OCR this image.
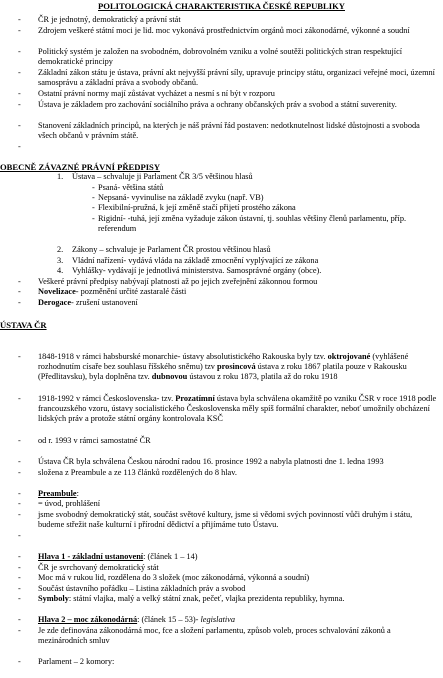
POLITOLOGICKÁ CHARAKTERISTIKA ČESKÉ REPUBLIKY
- ČR je jednotný, demokratický a právní stát
- Zdrojem veškeré státní moci je lid. moc vykonává prostřednictvím orgánů moci zákonodárné, výkonné a soudní
- Politický systém je založen na svobodném, dobrovolném vzniku a volné soutěži politických stran respektující demokratické principy
- Základní zákon státu je ústava, právní akt nejvyšší právní síly, upravuje principy státu, organizaci veřejné moci, územní samosprávu a základní práva a svobody občanů.
- Ostatní právní normy mají zůstávat vycházet a nesmí s ní být v rozporu
- Ústava je základem pro zachování sociálního práva a ochrany občanských práv a svobod a státní suverenity.
- Stanovení základních principů, na kterých je náš právní řád postaven: nedotknutelnost lidské důstojnosti a svoboda všech občanů v právním státě.
-
OBECNĚ ZÁVAZNÉ PRÁVNÍ PŘEDPISY
1. Ústava – schvaluje ji Parlament ČR 3/5 většinou hlasů
- Psaná- většina států
- Nepsaná- vyvinulise na základě zvyku (např. VB)
- Flexibilní-pružná, k její změně stačí přijetí prostého zákona
- Rigidní- -tuhá, její změna vyžaduje zákon ústavní, tj. souhlas většiny členů parlamentu, příp. referendum
2. Zákony – schvaluje je Parlament ČR prostou většinou hlasů
3. Vládní nařízení- vydává vláda na základě zmocnění vyplývající ze zákona
4. Vyhlášky- vydávají je jednotlivá ministerstva. Samosprávné orgány (obce).
- Veškeré právní předpisy nabývají platnosti až po jejich zveřejnění zákonnou formou
- Novelizace- pozměnění určité zastaralé části
- Derogace- zrušení ustanovení
ÚSTAVA ČR
- 1848-1918 v rámci habsburské monarchie- ústavy absolutistického Rakouska byly tzv. oktrojované (vyhlášené rozhodnutím císaře bez souhlasu říšského sněmu) tzv prosincová ústava z roku 1867 platila pouze v Rakousku (Předlitavsku), byla doplněna tzv. dubnovou ústavou z roku 1873, platila až do roku 1918
- 1918-1992 v rámci Československa- tzv. Prozatímní ústava byla schválena okamžitě po vzniku ČSR v roce 1918 podle francouzského vzoru, ústavy socialistického Československa měly spíš formální charakter, neboť umožnily obcházení lidských práv a protože státní orgány kontrolovala KSČ
- od r. 1993 v rámci samostatné ČR
- Ústava ČR byla schválena Českou národní radou 16. prosince 1992 a nabyla platnosti dne 1. ledna 1993
- složena z Preambule a ze 113 článků rozdělených do 8 hlav.
- Preambule:
- = úvod, prohlášení
- jsme svobodný demokratický stát, součást světové kultury, jsme si vědomi svých povinností vůči druhým i státu, budeme střežit naše kulturní i přírodní dědictví a přijímáme tuto Ústavu.
-
- Hlava 1 - základní ustanovení: (článek 1 – 14)
- ČR je svrchovaný demokratický stát
- Moc má v rukou lid, rozdělena do 3 složek (moc zákonodárná, výkonná a soudní)
- Součást ústavního pořádku – Listina základních práv a svobod
- Symboly: státní vlajka, malý a velký státní znak, pečeť, vlajka prezidenta republiky, hymna.
- Hlava 2 – moc zákonodárná: (článek 15 – 53)- legislativa
- Je zde definována zákonodárná moc, fce a složení parlamentu, způsob voleb, proces schvalování zákonů a mezinárodních smluv
- Parlament – 2 komory:
